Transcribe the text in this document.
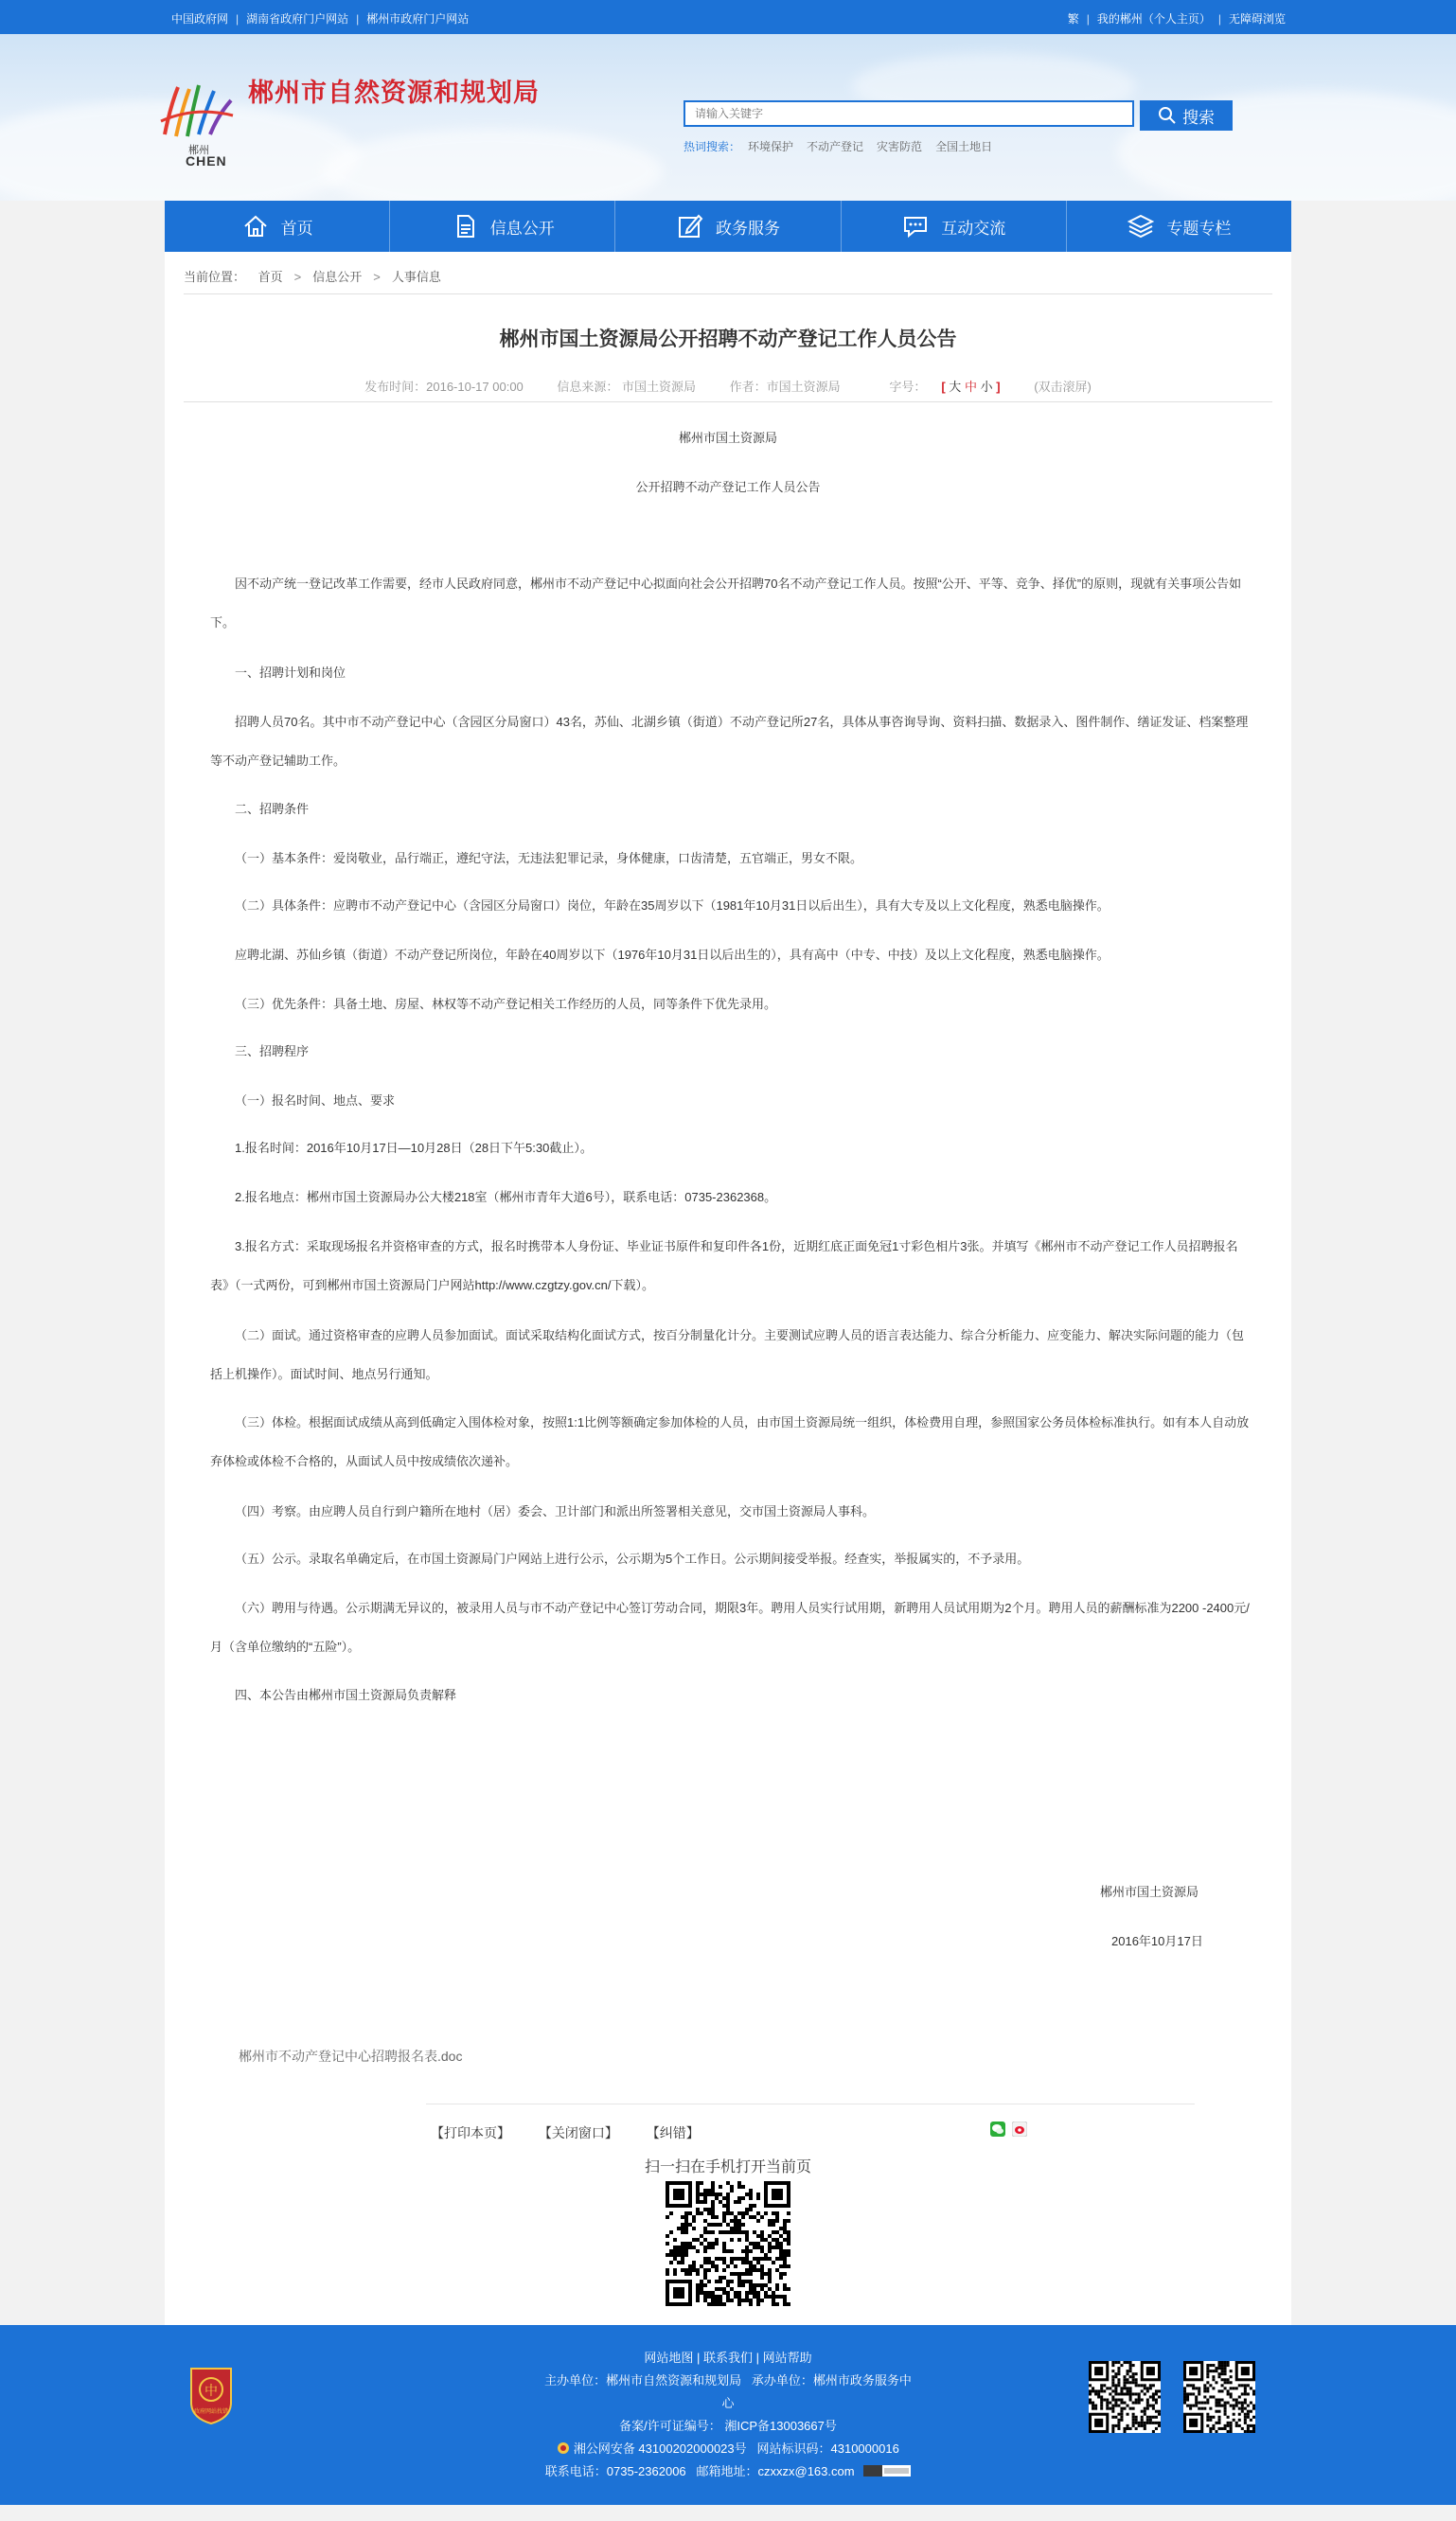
中国政府网 | 湖南省政府门户网站 | 郴州市政府门户网站	繁 | 我的郴州（个人主页） | 无障碍浏览
郴州
CHEN
郴州市自然资源和规划局
请输入关键字
搜索
热词搜索： 环境保护 不动产登记 灾害防范 全国土地日
首页	信息公开	政务服务	互动交流	专题专栏
当前位置： 首页 > 信息公开 > 人事信息
郴州市国土资源局公开招聘不动产登记工作人员公告
发布时间：2016-10-17 00:00	信息来源： 市国土资源局	作者：市国土资源局	字号： [ 大 中 小 ]	(双击滚屏)
郴州市国土资源局
公开招聘不动产登记工作人员公告
因不动产统一登记改革工作需要，经市人民政府同意，郴州市不动产登记中心拟面向社会公开招聘70名不动产登记工作人员。按照“公开、平等、竞争、择优”的原则，现就有关事项公告如下。
一、招聘计划和岗位
招聘人员70名。其中市不动产登记中心（含园区分局窗口）43名，苏仙、北湖乡镇（街道）不动产登记所27名，具体从事咨询导询、资料扫描、数据录入、图件制作、缮证发证、档案整理等不动产登记辅助工作。
二、招聘条件
（一）基本条件：爱岗敬业，品行端正，遵纪守法，无违法犯罪记录，身体健康，口齿清楚，五官端正，男女不限。
（二）具体条件：应聘市不动产登记中心（含园区分局窗口）岗位，年龄在35周岁以下（1981年10月31日以后出生），具有大专及以上文化程度，熟悉电脑操作。
应聘北湖、苏仙乡镇（街道）不动产登记所岗位，年龄在40周岁以下（1976年10月31日以后出生的），具有高中（中专、中技）及以上文化程度，熟悉电脑操作。
（三）优先条件：具备土地、房屋、林权等不动产登记相关工作经历的人员，同等条件下优先录用。
三、招聘程序
（一）报名时间、地点、要求
1.报名时间：2016年10月17日—10月28日（28日下午5:30截止）。
2.报名地点：郴州市国土资源局办公大楼218室（郴州市青年大道6号），联系电话：0735-2362368。
3.报名方式：采取现场报名并资格审查的方式，报名时携带本人身份证、毕业证书原件和复印件各1份，近期红底正面免冠1寸彩色相片3张。并填写《郴州市不动产登记工作人员招聘报名表》（一式两份，可到郴州市国土资源局门户网站http://www.czgtzy.gov.cn/下载）。
（二）面试。通过资格审查的应聘人员参加面试。面试采取结构化面试方式，按百分制量化计分。主要测试应聘人员的语言表达能力、综合分析能力、应变能力、解决实际问题的能力（包括上机操作）。面试时间、地点另行通知。
（三）体检。根据面试成绩从高到低确定入围体检对象，按照1:1比例等额确定参加体检的人员，由市国土资源局统一组织，体检费用自理，参照国家公务员体检标准执行。如有本人自动放弃体检或体检不合格的，从面试人员中按成绩依次递补。
（四）考察。由应聘人员自行到户籍所在地村（居）委会、卫计部门和派出所签署相关意见，交市国土资源局人事科。
（五）公示。录取名单确定后，在市国土资源局门户网站上进行公示，公示期为5个工作日。公示期间接受举报。经查实，举报属实的，不予录用。
（六）聘用与待遇。公示期满无异议的，被录用人员与市不动产登记中心签订劳动合同，期限3年。聘用人员实行试用期，新聘用人员试用期为2个月。聘用人员的薪酬标准为2200 -2400元/月（含单位缴纳的“五险”）。
四、本公告由郴州市国土资源局负责解释
郴州市国土资源局
2016年10月17日
郴州市不动产登记中心招聘报名表.doc
【打印本页】 【关闭窗口】 【纠错】

扫一扫在手机打开当前页
中
政府网站找错
网站地图 | 联系我们 | 网站帮助
主办单位：郴州市自然资源和规划局 承办单位：郴州市政务服务中
心
备案/许可证编号： 湘ICP备13003667号
湘公网安备 43100202000023号 网站标识码：4310000016
联系电话：0735-2362006 邮箱地址：czxxzx@163.com
